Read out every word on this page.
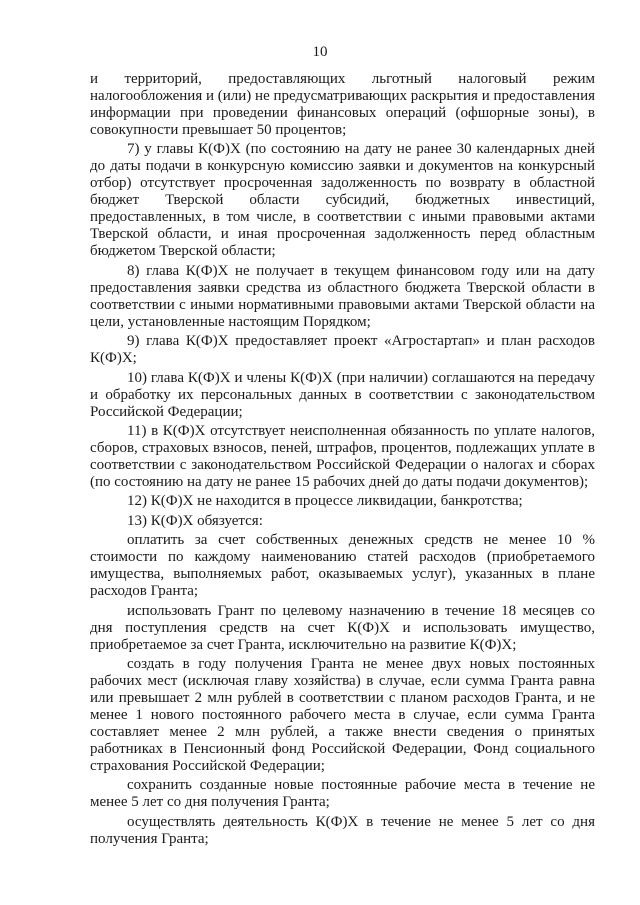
10

и территорий, предоставляющих льготный налоговый режим налогообложения и (или) не предусматривающих раскрытия и предоставления информации при проведении финансовых операций (офшорные зоны), в совокупности превышает 50 процентов;

7) у главы К(Ф)Х (по состоянию на дату не ранее 30 календарных дней до даты подачи в конкурсную комиссию заявки и документов на конкурсный отбор) отсутствует просроченная задолженность по возврату в областной бюджет Тверской области субсидий, бюджетных инвестиций, предоставленных, в том числе, в соответствии с иными правовыми актами Тверской области, и иная просроченная задолженность перед областным бюджетом Тверской области;

8) глава К(Ф)Х не получает в текущем финансовом году или на дату предоставления заявки средства из областного бюджета Тверской области в соответствии с иными нормативными правовыми актами Тверской области на цели, установленные настоящим Порядком;

9) глава К(Ф)Х предоставляет проект «Агростартап» и план расходов К(Ф)Х;

10) глава К(Ф)Х и члены К(Ф)Х (при наличии) соглашаются на передачу и обработку их персональных данных в соответствии с законодательством Российской Федерации;

11) в К(Ф)Х отсутствует неисполненная обязанность по уплате налогов, сборов, страховых взносов, пеней, штрафов, процентов, подлежащих уплате в соответствии с законодательством Российской Федерации о налогах и сборах (по состоянию на дату не ранее 15 рабочих дней до даты подачи документов);

12) К(Ф)Х не находится в процессе ликвидации, банкротства;

13) К(Ф)Х обязуется:

оплатить за счет собственных денежных средств не менее 10 % стоимости по каждому наименованию статей расходов (приобретаемого имущества, выполняемых работ, оказываемых услуг), указанных в плане расходов Гранта;

использовать Грант по целевому назначению в течение 18 месяцев со дня поступления средств на счет К(Ф)Х и использовать имущество, приобретаемое за счет Гранта, исключительно на развитие К(Ф)Х;

создать в году получения Гранта не менее двух новых постоянных рабочих мест (исключая главу хозяйства) в случае, если сумма Гранта равна или превышает 2 млн рублей в соответствии с планом расходов Гранта, и не менее 1 нового постоянного рабочего места в случае, если сумма Гранта составляет менее 2 млн рублей, а также внести сведения о принятых работниках в Пенсионный фонд Российской Федерации, Фонд социального страхования Российской Федерации;

сохранить созданные новые постоянные рабочие места в течение не менее 5 лет со дня получения Гранта;

осуществлять деятельность К(Ф)Х в течение не менее 5 лет со дня получения Гранта;
